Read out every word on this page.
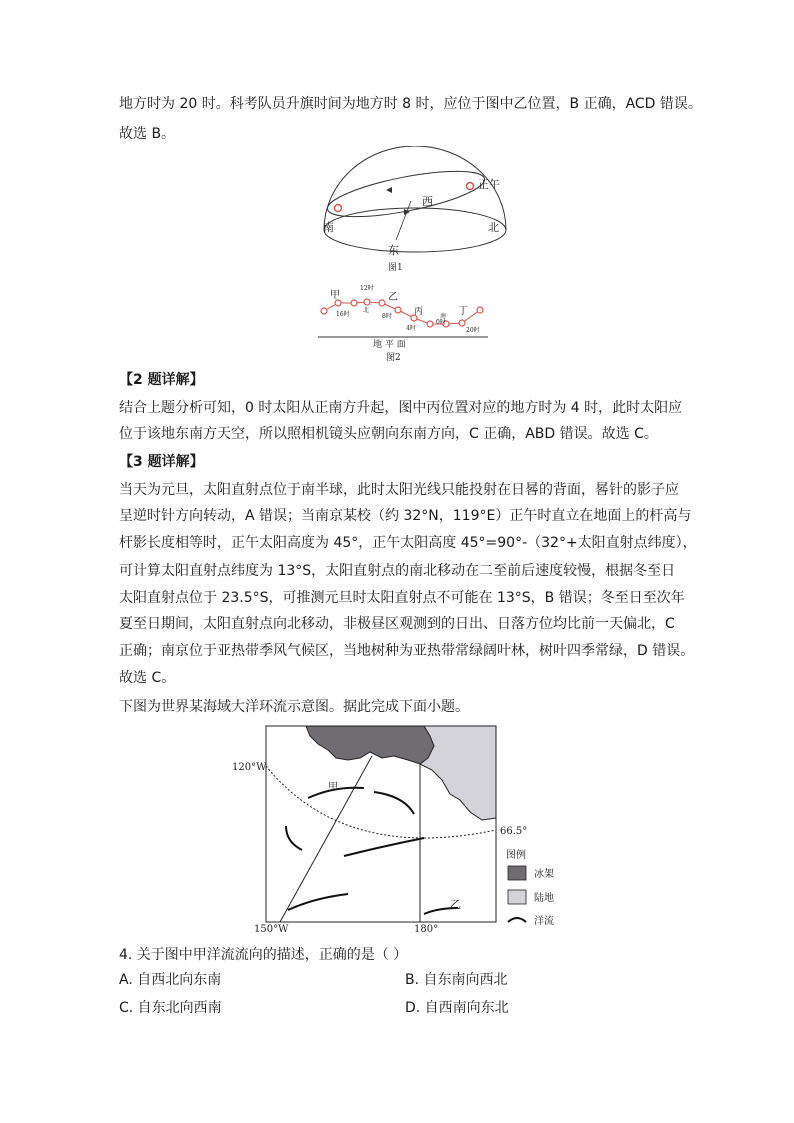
地方时为 20 时。科考队员升旗时间为地方时 8 时，应位于图中乙位置，B 正确，ACD 错误。
故选 B。
正午
西
南	北
东
图1
甲
12时
北
16时
乙
8时 丙	南
4时
0时
丁
20时
地 平 面
图2
【2 题详解】
结合上题分析可知，0 时太阳从正南方升起，图中丙位置对应的地方时为 4 时，此时太阳应
位于该地东南方天空，所以照相机镜头应朝向东南方向，C 正确，ABD 错误。故选 C。
【3 题详解】
当天为元旦，太阳直射点位于南半球，此时太阳光线只能投射在日晷的背面，晷针的影子应
呈逆时针方向转动，A 错误；当南京某校（约 32°N，119°E）正午时直立在地面上的杆高与
杆影长度相等时，正午太阳高度为 45°，正午太阳高度 45°=90°-（32°+太阳直射点纬度），
可计算太阳直射点纬度为 13°S，太阳直射点的南北移动在二至前后速度较慢，根据冬至日
太阳直射点位于 23.5°S，可推测元旦时太阳直射点不可能在 13°S，B 错误；冬至日至次年
夏至日期间，太阳直射点向北移动，非极昼区观测到的日出、日落方位均比前一天偏北，C
正确；南京位于亚热带季风气候区，当地树种为亚热带常绿阔叶林，树叶四季常绿，D 错误。
故选 C。
下图为世界某海域大洋环流示意图。据此完成下面小题。
120°W
甲
乙
66.5°
150°W	180°
图例
冰架
陆地
洋流
4. 关于图中甲洋流流向的描述，正确的是（ ）
A. 自西北向东南	B. 自东南向西北
C. 自东北向西南	D. 自西南向东北
